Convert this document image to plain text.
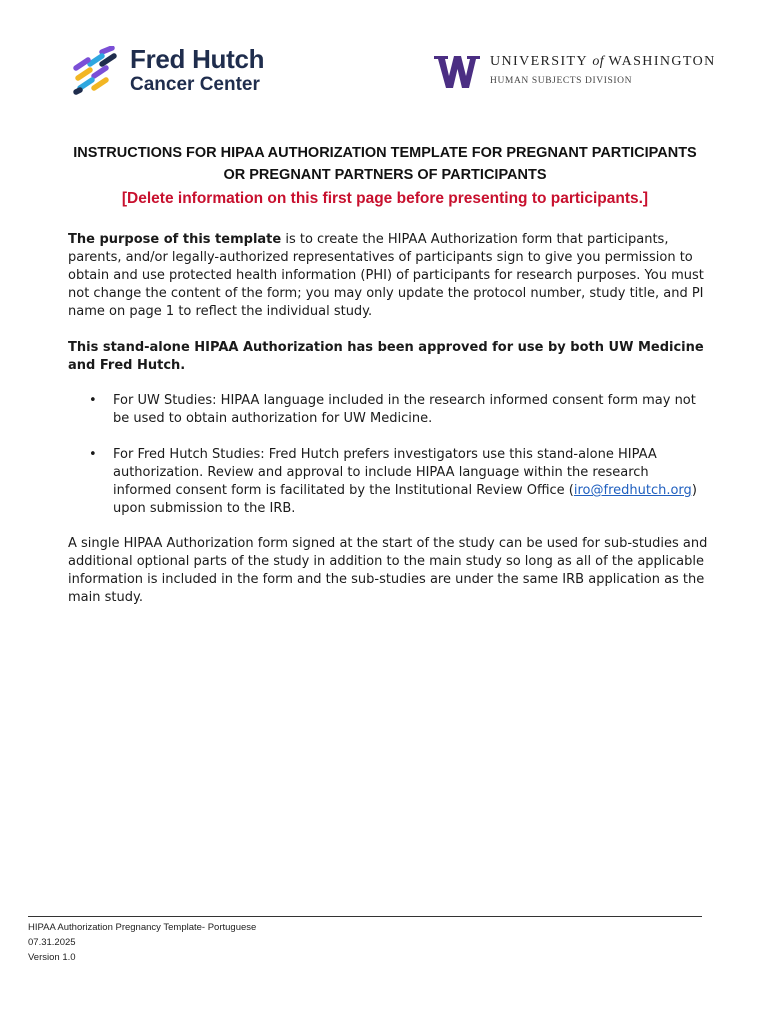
Fred Hutch
Cancer Center
UNIVERSITY of WASHINGTON
HUMAN SUBJECTS DIVISION
INSTRUCTIONS FOR HIPAA AUTHORIZATION TEMPLATE FOR PREGNANT PARTICIPANTS
OR PREGNANT PARTNERS OF PARTICIPANTS
[Delete information on this first page before presenting to participants.]
The purpose of this template is to create the HIPAA Authorization form that participants, parents, and/or legally-authorized representatives of participants sign to give you permission to obtain and use protected health information (PHI) of participants for research purposes. You must not change the content of the form; you may only update the protocol number, study title, and PI name on page 1 to reflect the individual study.
This stand-alone HIPAA Authorization has been approved for use by both UW Medicine and Fred Hutch.
• For UW Studies: HIPAA language included in the research informed consent form may not be used to obtain authorization for UW Medicine.
• For Fred Hutch Studies: Fred Hutch prefers investigators use this stand-alone HIPAA authorization. Review and approval to include HIPAA language within the research informed consent form is facilitated by the Institutional Review Office (iro@fredhutch.org) upon submission to the IRB.
A single HIPAA Authorization form signed at the start of the study can be used for sub-studies and additional optional parts of the study in addition to the main study so long as all of the applicable information is included in the form and the sub-studies are under the same IRB application as the main study.
HIPAA Authorization Pregnancy Template- Portuguese
07.31.2025
Version 1.0
